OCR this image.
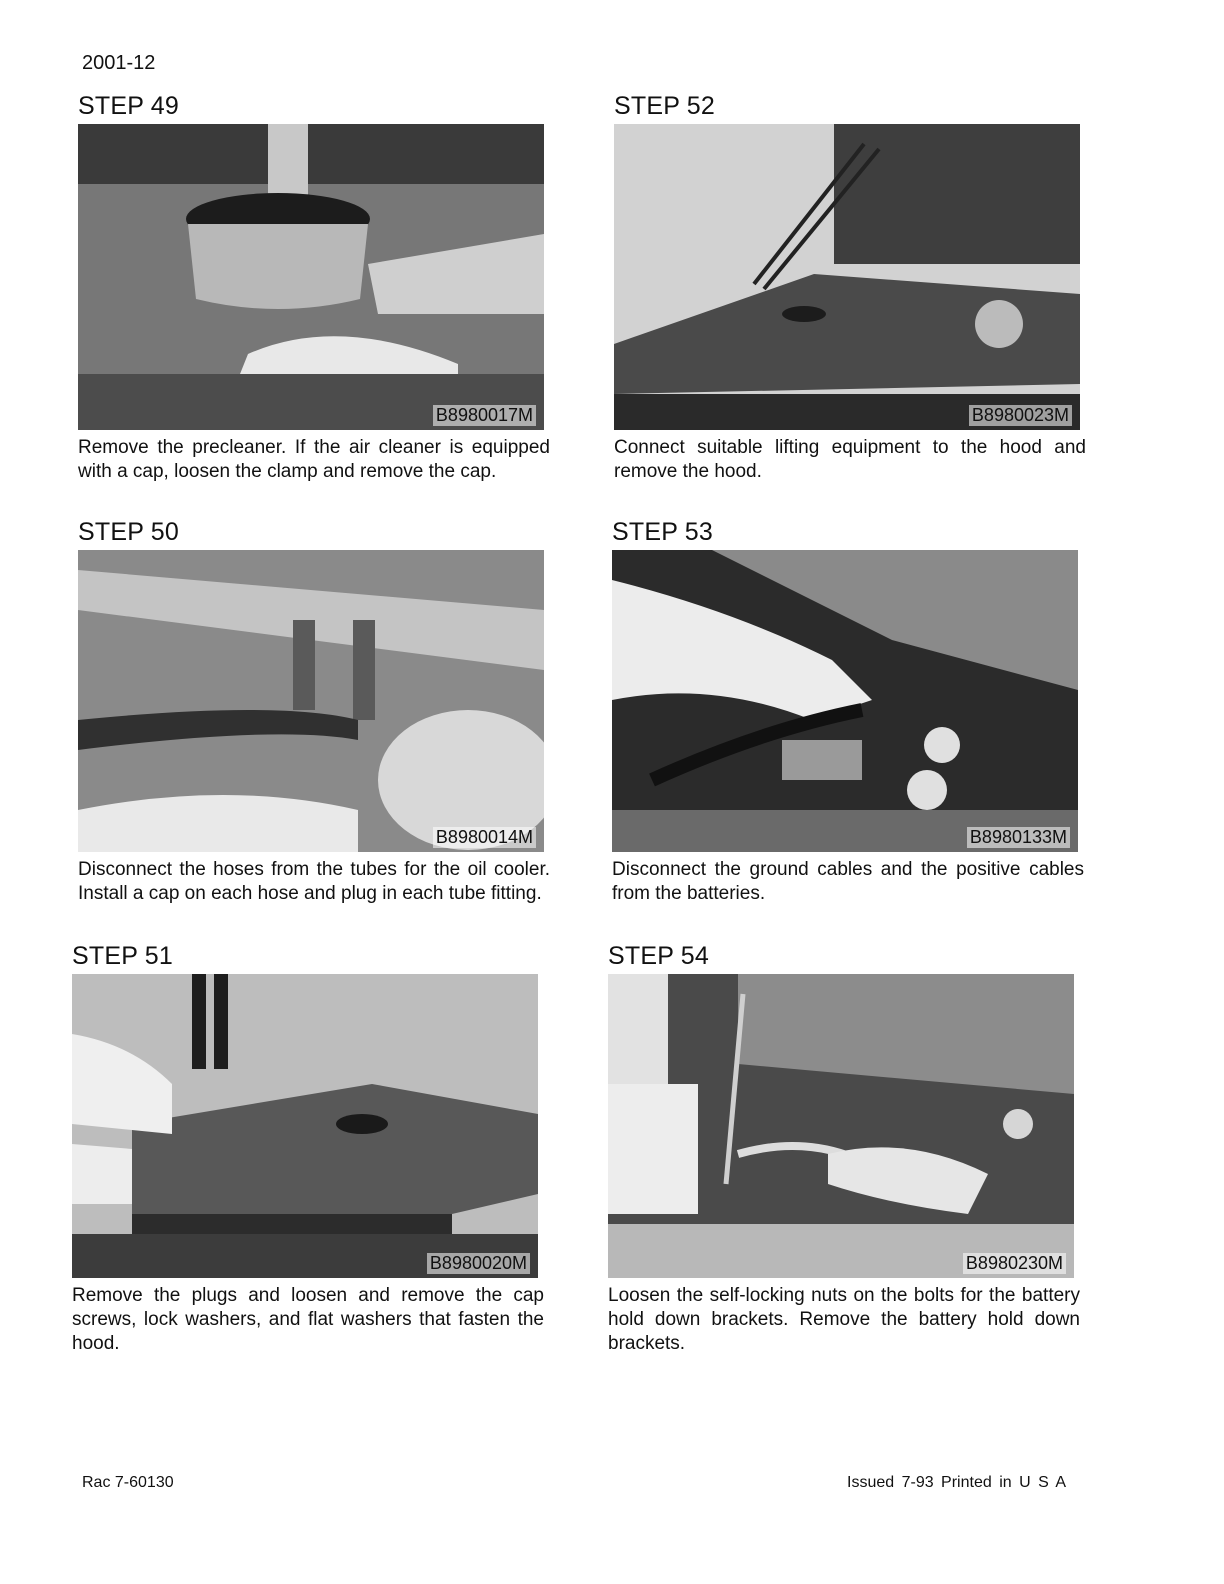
2001-12
STEP 49
B8980017M
Remove the precleaner. If the air cleaner is equipped with a cap, loosen the clamp and remove the cap.
STEP 50
B8980014M
Disconnect the hoses from the tubes for the oil cooler. Install a cap on each hose and plug in each tube fitting.
STEP 51
B8980020M
Remove the plugs and loosen and remove the cap screws, lock washers, and flat washers that fasten the hood.
STEP 52
B8980023M
Connect suitable lifting equipment to the hood and remove the hood.
STEP 53
B8980133M
Disconnect the ground cables and the positive cables from the batteries.
STEP 54
B8980230M
Loosen the self-locking nuts on the bolts for the battery hold down brackets. Remove the battery hold down brackets.
Rac 7-60130	Issued 7-93 Printed in U S A
